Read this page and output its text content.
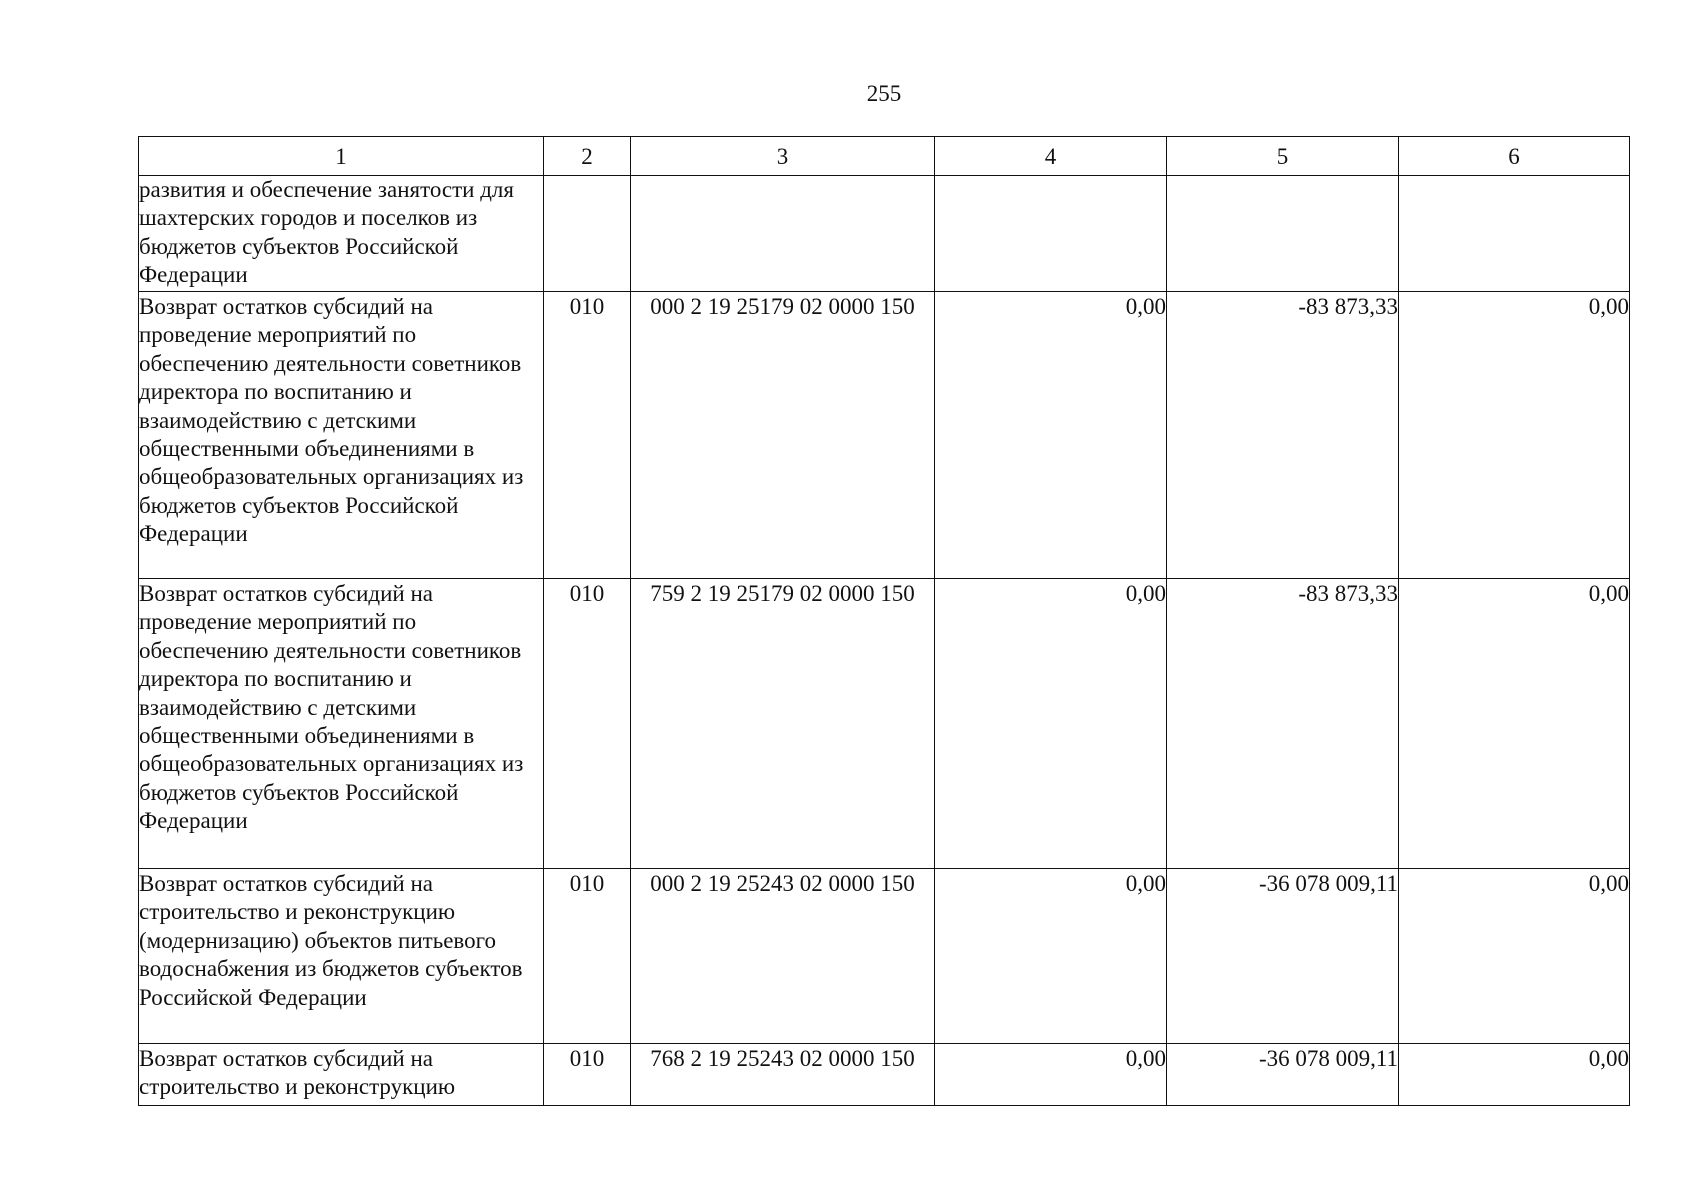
255
1	2	3	4	5	6
развития и обеспечение занятости для шахтерских городов и поселков из бюджетов субъектов Российской Федерации					
Возврат остатков субсидий на проведение мероприятий по обеспечению деятельности советников директора по воспитанию и взаимодействию с детскими общественными объединениями в общеобразовательных организациях из бюджетов субъектов Российской Федерации	010	000 2 19 25179 02 0000 150	0,00	-83 873,33	0,00
Возврат остатков субсидий на проведение мероприятий по обеспечению деятельности советников директора по воспитанию и взаимодействию с детскими общественными объединениями в общеобразовательных организациях из бюджетов субъектов Российской Федерации	010	759 2 19 25179 02 0000 150	0,00	-83 873,33	0,00
Возврат остатков субсидий на строительство и реконструкцию (модернизацию) объектов питьевого водоснабжения из бюджетов субъектов Российской Федерации	010	000 2 19 25243 02 0000 150	0,00	-36 078 009,11	0,00
Возврат остатков субсидий на строительство и реконструкцию	010	768 2 19 25243 02 0000 150	0,00	-36 078 009,11	0,00
